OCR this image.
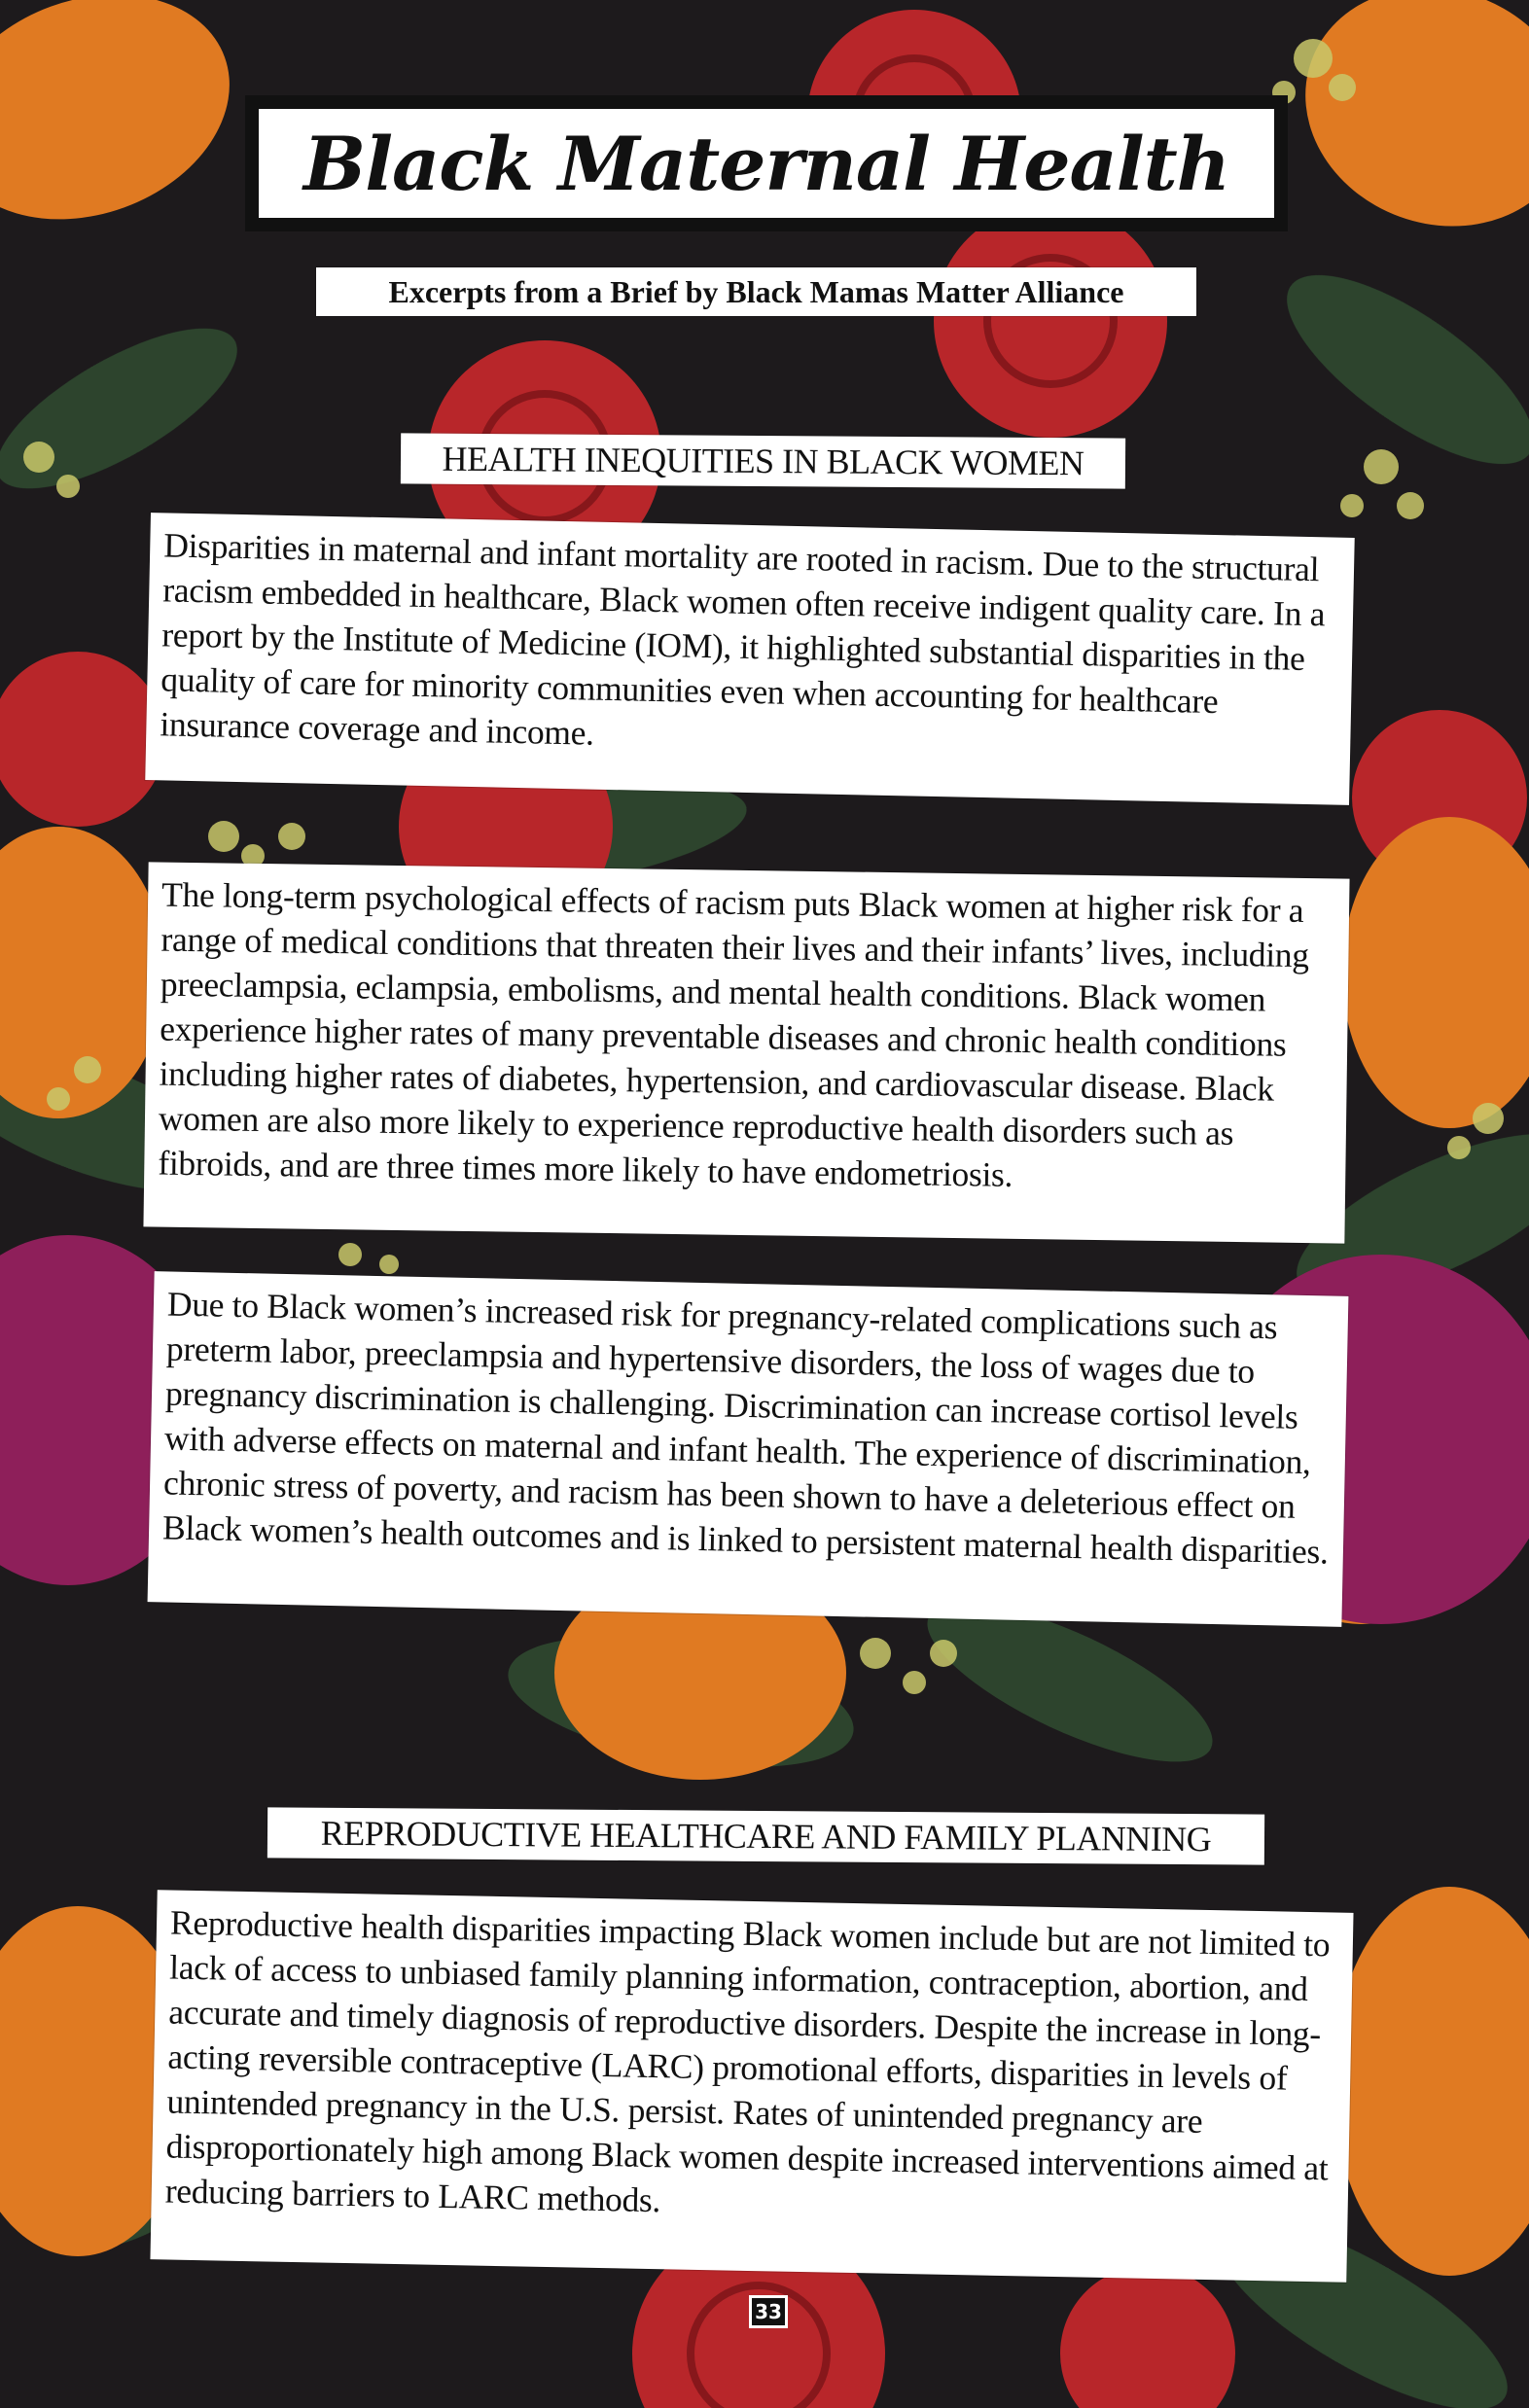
Black Maternal Health
Excerpts from a Brief by Black Mamas Matter Alliance
HEALTH INEQUITIES IN BLACK WOMEN
Disparities in maternal and infant mortality are rooted in racism. Due to the structural racism embedded in healthcare, Black women often receive indigent quality care. In a report by the Institute of Medicine (IOM), it highlighted substantial disparities in the quality of care for minority communities even when accounting for healthcare insurance coverage and income.
The long-term psychological effects of racism puts Black women at higher risk for a range of medical conditions that threaten their lives and their infants’ lives, including preeclampsia, eclampsia, embolisms, and mental health conditions. Black women experience higher rates of many preventable diseases and chronic health conditions including higher rates of diabetes, hypertension, and cardiovascular disease. Black women are also more likely to experience reproductive health disorders such as fibroids, and are three times more likely to have endometriosis.
Due to Black women’s increased risk for pregnancy-related complications such as preterm labor, preeclampsia and hypertensive disorders, the loss of wages due to pregnancy discrimination is challenging. Discrimination can increase cortisol levels with adverse effects on maternal and infant health. The experience of discrimination, chronic stress of poverty, and racism has been shown to have a deleterious effect on Black women’s health outcomes and is linked to persistent maternal health disparities.
REPRODUCTIVE HEALTHCARE AND FAMILY PLANNING
Reproductive health disparities impacting Black women include but are not limited to lack of access to unbiased family planning information, contraception, abortion, and accurate and timely diagnosis of reproductive disorders. Despite the increase in long-acting reversible contraceptive (LARC) promotional efforts, disparities in levels of unintended pregnancy in the U.S. persist. Rates of unintended pregnancy are disproportionately high among Black women despite increased interventions aimed at reducing barriers to LARC methods.
33
